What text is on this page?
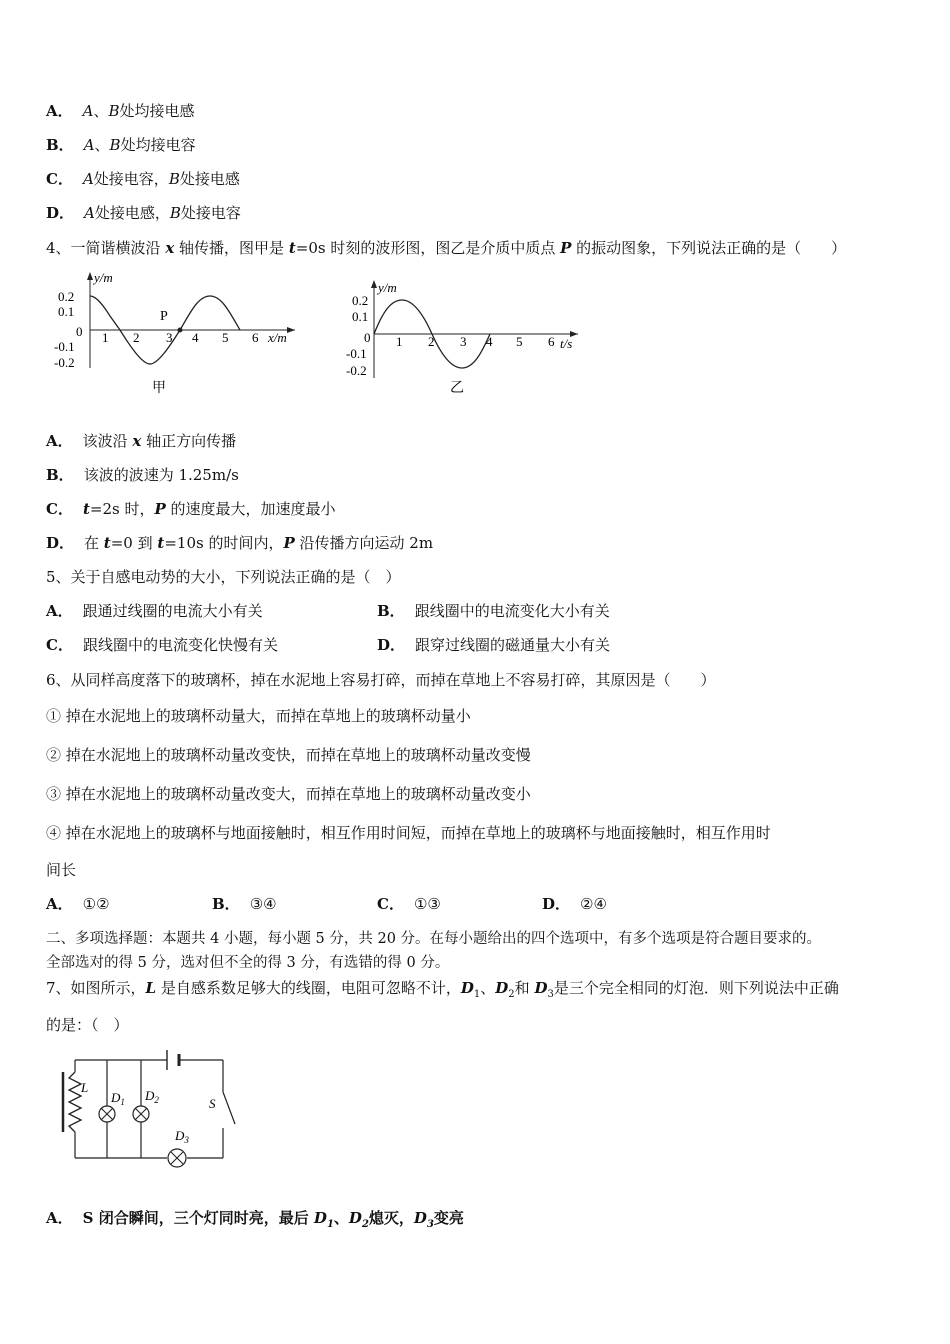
A． A、B处均接电感
B． A、B处均接电容
C． A处接电容，B处接电感
D． A处接电感，B处接电容
4、一简谐横波沿 x 轴传播，图甲是 t=0s 时刻的波形图，图乙是介质中质点 P 的振动图象，下列说法正确的是（　　）
P
y/m
x/m
0.2
0.1
0
-0.1
-0.2
1 2 3 4 5 6
甲
y/m
t/s
0.2
0.1
0
-0.1
-0.2
1 2 3 4 5 6
乙
A． 该波沿 x 轴正方向传播
B． 该波的波速为 1.25m/s
C． t=2s 时，P 的速度最大，加速度最小
D． 在 t=0 到 t=10s 的时间内，P 沿传播方向运动 2m
5、关于自感电动势的大小，下列说法正确的是（　）
A． 跟通过线圈的电流大小有关	B． 跟线圈中的电流变化大小有关
C． 跟线圈中的电流变化快慢有关	D． 跟穿过线圈的磁通量大小有关
6、从同样高度落下的玻璃杯，掉在水泥地上容易打碎，而掉在草地上不容易打碎，其原因是（　　）
① 掉在水泥地上的玻璃杯动量大，而掉在草地上的玻璃杯动量小
② 掉在水泥地上的玻璃杯动量改变快，而掉在草地上的玻璃杯动量改变慢
③ 掉在水泥地上的玻璃杯动量改变大，而掉在草地上的玻璃杯动量改变小
④ 掉在水泥地上的玻璃杯与地面接触时，相互作用时间短，而掉在草地上的玻璃杯与地面接触时，相互作用时
间长
A． ①②	B． ③④	C． ①③	D． ②④
二、多项选择题：本题共 4 小题，每小题 5 分，共 20 分。在每小题给出的四个选项中，有多个选项是符合题目要求的。
全部选对的得 5 分，选对但不全的得 3 分，有选错的得 0 分。
7、如图所示，L 是自感系数足够大的线圈，电阻可忽略不计，$D_1$、$D_2$和 $D_3$是三个完全相同的灯泡．则下列说法中正确
的是：（　）
L
$D_1$ $D_2$
$D_3$
S
A． S 闭合瞬间，三个灯同时亮，最后 $D_1$、$D_2$熄灭，$D_3$变亮
